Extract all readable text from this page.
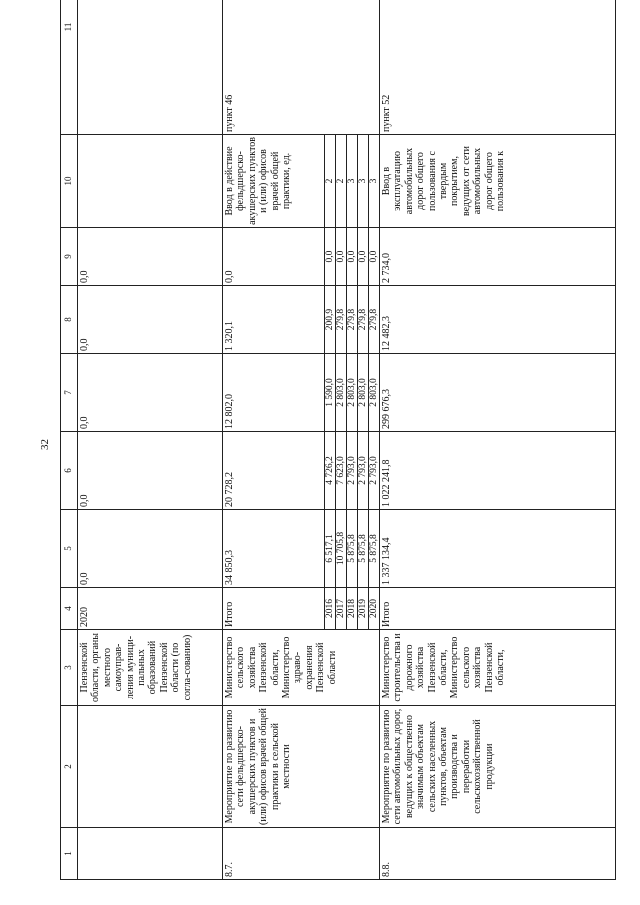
32
1	2	3	4	5	6	7	8	9	10	11
		Пензенской области, органы местного самоуправ-ления муници-пальных образований Пензенской области (по согла-сованию)	2020	0,0	0,0	0,0	0,0	0,0		
8.7.	Мероприятие по развитию сети фельдшерско-акушерских пунктов и (или) офисов врачей общей практики в сельской местности	Министерство сельского хозяйства Пензенской области, Министерство здраво-охранения Пензенской области	Итого	34 850,3	20 728,2	12 802,0	1 320,1	0,0	Ввод в действие фельдшерско-акушерских пунктов и (или) офисов врачей общей практики, ед.	пункт 46
			2016	6 517,1	4 726,2	1 590,0	200,9	0,0	2	
			2017	10 705,8	7 623,0	2 803,0	279,8	0,0	2	
			2018	5 875,8	2 793,0	2 803,0	279,8	0,0	3	
			2019	5 875,8	2 793,0	2 803,0	279,8	0,0	3	
			2020	5 875,8	2 793,0	2 803,0	279,8	0,0	3	
8.8.	Мероприятие по развитию сети автомобильных дорог, ведущих к общественно значимым объектам сельских населенных пунктов, объектам производства и переработки сельскохозяйственной продукции	Министерство строительства и дорожного хозяйства Пензенской области, Министерство сельского хозяйства Пензенской области,	Итого	1 337 134,4	1 022 241,8	299 676,3	12 482,3	2 734,0	Ввод в эксплуатацию автомобильных дорог общего пользования с твердым покрытием, ведущих от сети автомобильных дорог общего пользования к	пункт 52
